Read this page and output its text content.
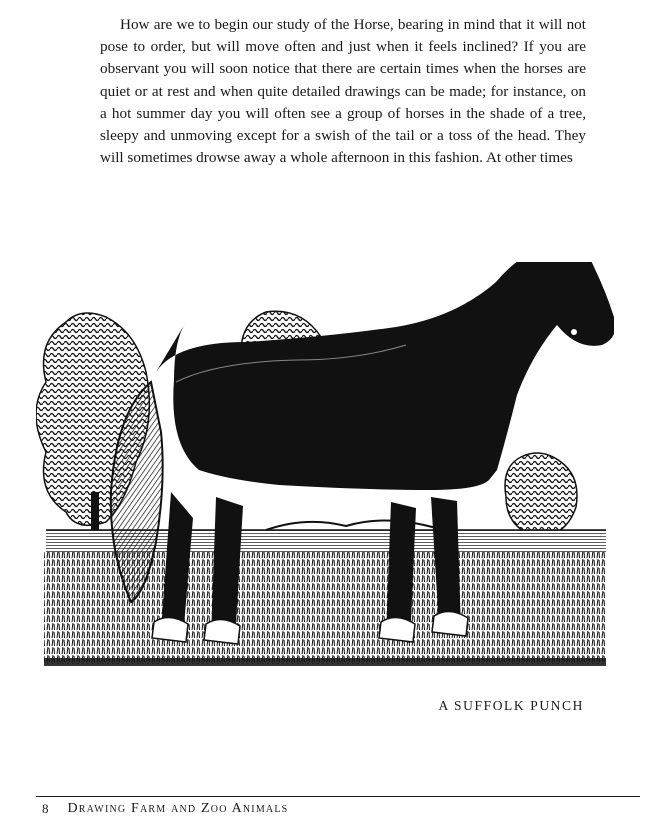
How are we to begin our study of the Horse, bearing in mind that it will not pose to order, but will move often and just when it feels inclined? If you are observant you will soon notice that there are certain times when the horses are quiet or at rest and when quite detailed drawings can be made; for instance, on a hot summer day you will often see a group of horses in the shade of a tree, sleepy and unmoving except for a swish of the tail or a toss of the head. They will sometimes drowse away a whole afternoon in this fashion. At other times

A SUFFOLK PUNCH

8 Drawing Farm and Zoo Animals
